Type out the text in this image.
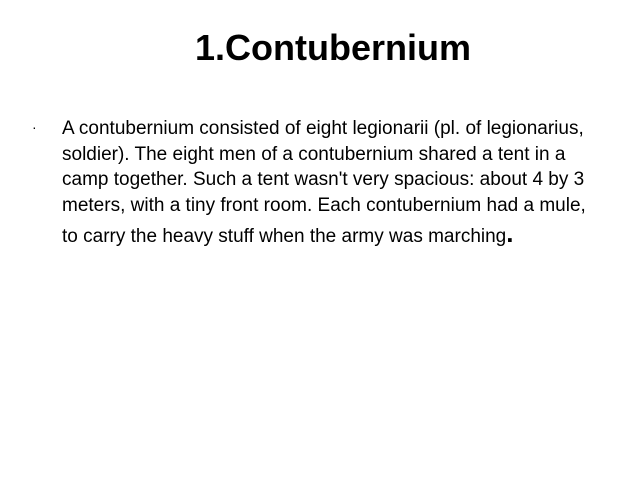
1.Contubernium
· A contubernium consisted of eight legionarii (pl. of legionarius, soldier). The eight men of a contubernium shared a tent in a camp together. Such a tent wasn't very spacious: about 4 by 3 meters, with a tiny front room. Each contubernium had a mule, to carry the heavy stuff when the army was marching.
